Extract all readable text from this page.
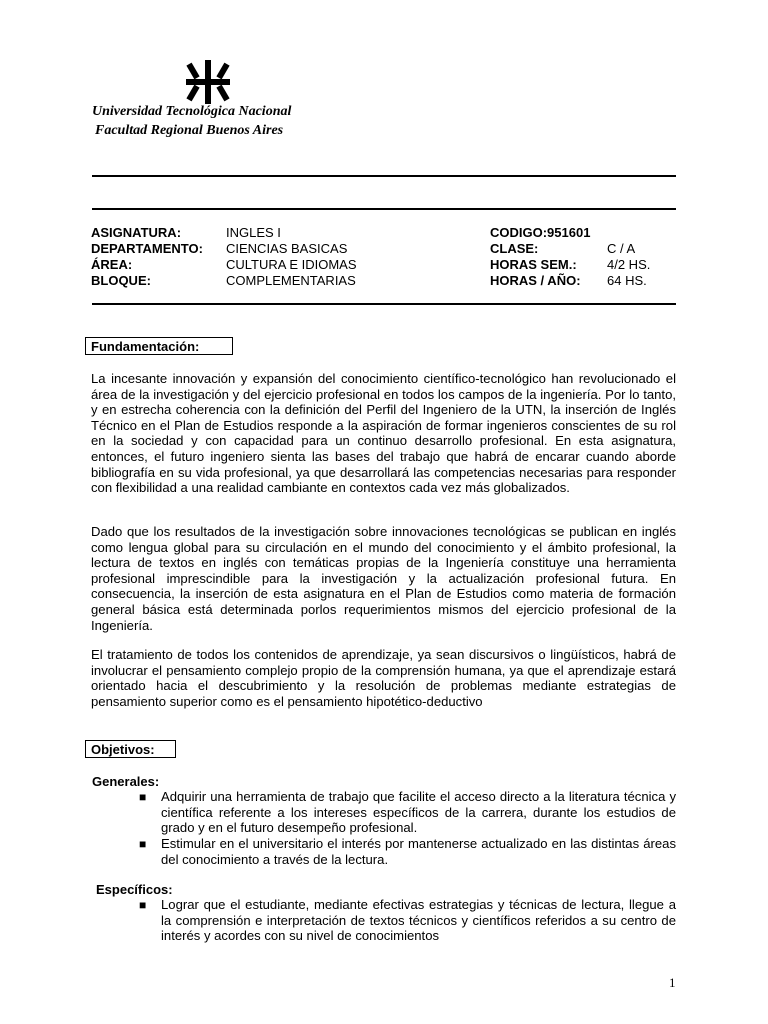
Universidad Tecnológica Nacional
Facultad Regional Buenos Aires
ASIGNATURA:
DEPARTAMENTO:
ÁREA:
BLOQUE:
INGLES I
CIENCIAS BASICAS
CULTURA E IDIOMAS
COMPLEMENTARIAS
CODIGO:951601
CLASE:
HORAS SEM.:
HORAS / AÑO:
C / A
4/2 HS.
64 HS.
Fundamentación:
La incesante innovación y expansión del conocimiento científico-tecnológico han revolucionado el área de la investigación y del ejercicio profesional en todos los campos de la ingeniería. Por lo tanto, y en estrecha coherencia con la definición del Perfil del Ingeniero de la UTN, la inserción de Inglés Técnico en el Plan de Estudios responde a la aspiración de formar ingenieros conscientes de su rol en la sociedad y con capacidad para un continuo desarrollo profesional. En esta asignatura, entonces, el futuro ingeniero sienta las bases del trabajo que habrá de encarar cuando aborde bibliografía en su vida profesional, ya que desarrollará las competencias necesarias para responder con flexibilidad a una realidad cambiante en contextos cada vez más globalizados.
Dado que los resultados de la investigación sobre innovaciones tecnológicas se publican en inglés como lengua global para su circulación en el mundo del conocimiento y el ámbito profesional, la lectura de textos en inglés con temáticas propias de la Ingeniería constituye una herramienta profesional imprescindible para la investigación y la actualización profesional futura. En consecuencia, la inserción de esta asignatura en el Plan de Estudios como materia de formación general básica está determinada porlos requerimientos mismos del ejercicio profesional de la Ingeniería.
El tratamiento de todos los contenidos de aprendizaje, ya sean discursivos o lingüísticos, habrá de involucrar el pensamiento complejo propio de la comprensión humana, ya que el aprendizaje estará orientado hacia el descubrimiento y la resolución de problemas mediante estrategias de pensamiento superior como es el pensamiento hipotético-deductivo
Objetivos:
Generales:
■ Adquirir una herramienta de trabajo que facilite el acceso directo a la literatura técnica y científica referente a los intereses específicos de la carrera, durante los estudios de grado y en el futuro desempeño profesional.
■ Estimular en el universitario el interés por mantenerse actualizado en las distintas áreas del conocimiento a través de la lectura.
Específicos:
■ Lograr que el estudiante, mediante efectivas estrategias y técnicas de lectura, llegue a la comprensión e interpretación de textos técnicos y científicos referidos a su centro de interés y acordes con su nivel de conocimientos
1
